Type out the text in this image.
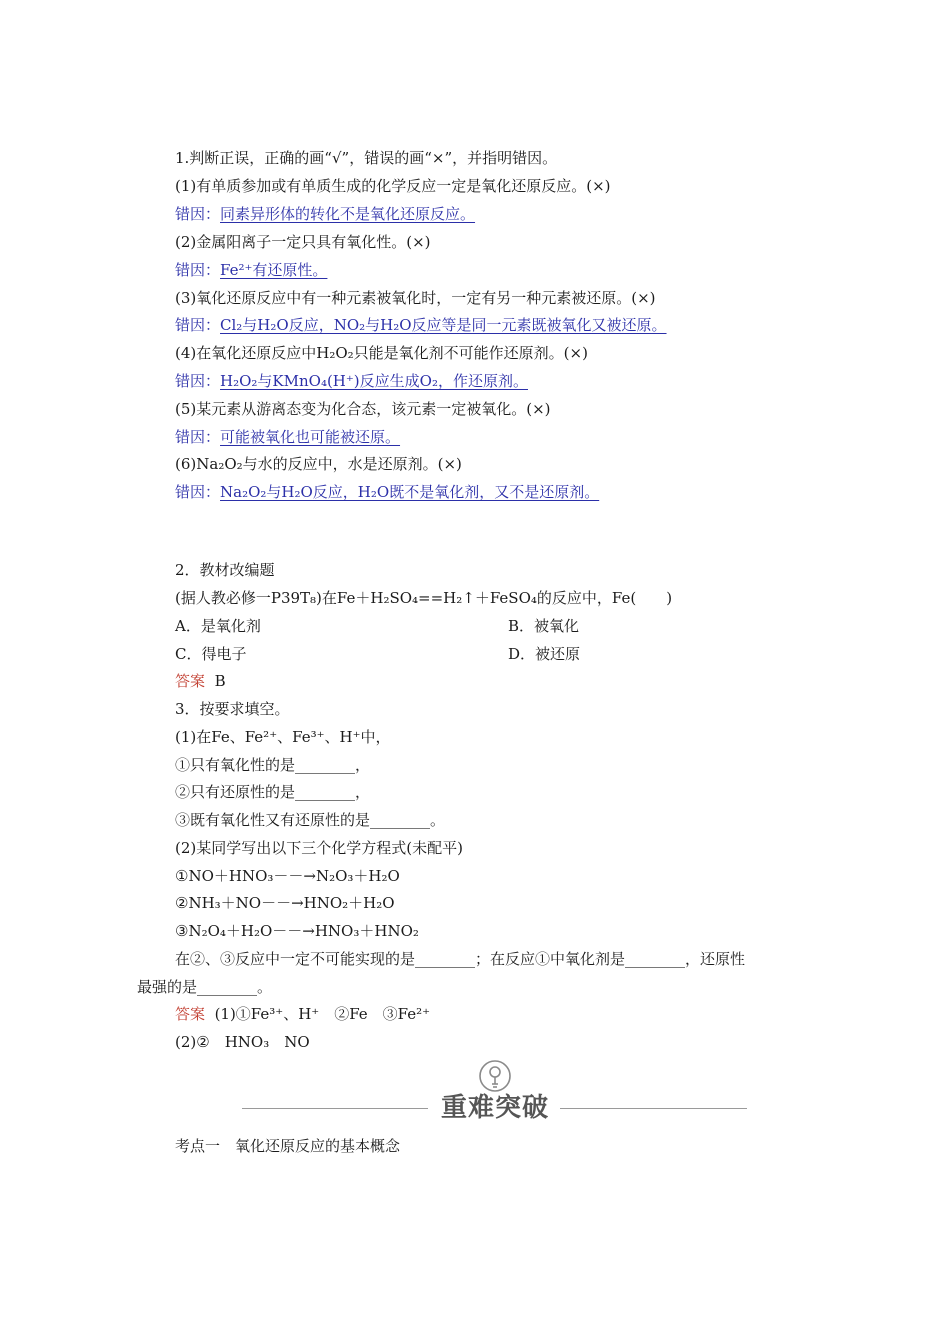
1.判断正误，正确的画“√”，错误的画“×”，并指明错因。
(1)有单质参加或有单质生成的化学反应一定是氧化还原反应。(×)
错因：同素异形体的转化不是氧化还原反应。
(2)金属阳离子一定只具有氧化性。(×)
错因：Fe²⁺有还原性。
(3)氧化还原反应中有一种元素被氧化时，一定有另一种元素被还原。(×)
错因：Cl₂与H₂O反应，NO₂与H₂O反应等是同一元素既被氧化又被还原。
(4)在氧化还原反应中H₂O₂只能是氧化剂不可能作还原剂。(×)
错因：H₂O₂与KMnO₄(H⁺)反应生成O₂，作还原剂。
(5)某元素从游离态变为化合态，该元素一定被氧化。(×)
错因：可能被氧化也可能被还原。
(6)Na₂O₂与水的反应中，水是还原剂。(×)
错因：Na₂O₂与H₂O反应，H₂O既不是氧化剂，又不是还原剂。
2．教材改编题
(据人教必修一P39T₈)在Fe＋H₂SO₄==H₂↑＋FeSO₄的反应中，Fe(　　)
A．是氧化剂	B．被氧化
C．得电子	D．被还原
答案 B
3．按要求填空。
(1)在Fe、Fe²⁺、Fe³⁺、H⁺中，
①只有氧化性的是________，
②只有还原性的是________，
③既有氧化性又有还原性的是________。
(2)某同学写出以下三个化学方程式(未配平)
①NO＋HNO₃－－→N₂O₃＋H₂O
②NH₃＋NO－－→HNO₂＋H₂O
③N₂O₄＋H₂O－－→HNO₃＋HNO₂
在②、③反应中一定不可能实现的是________；在反应①中氧化剂是________，还原性
最强的是________。
答案 (1)①Fe³⁺、H⁺　②Fe　③Fe²⁺
(2)②　HNO₃　NO
重难突破
考点一　氧化还原反应的基本概念
